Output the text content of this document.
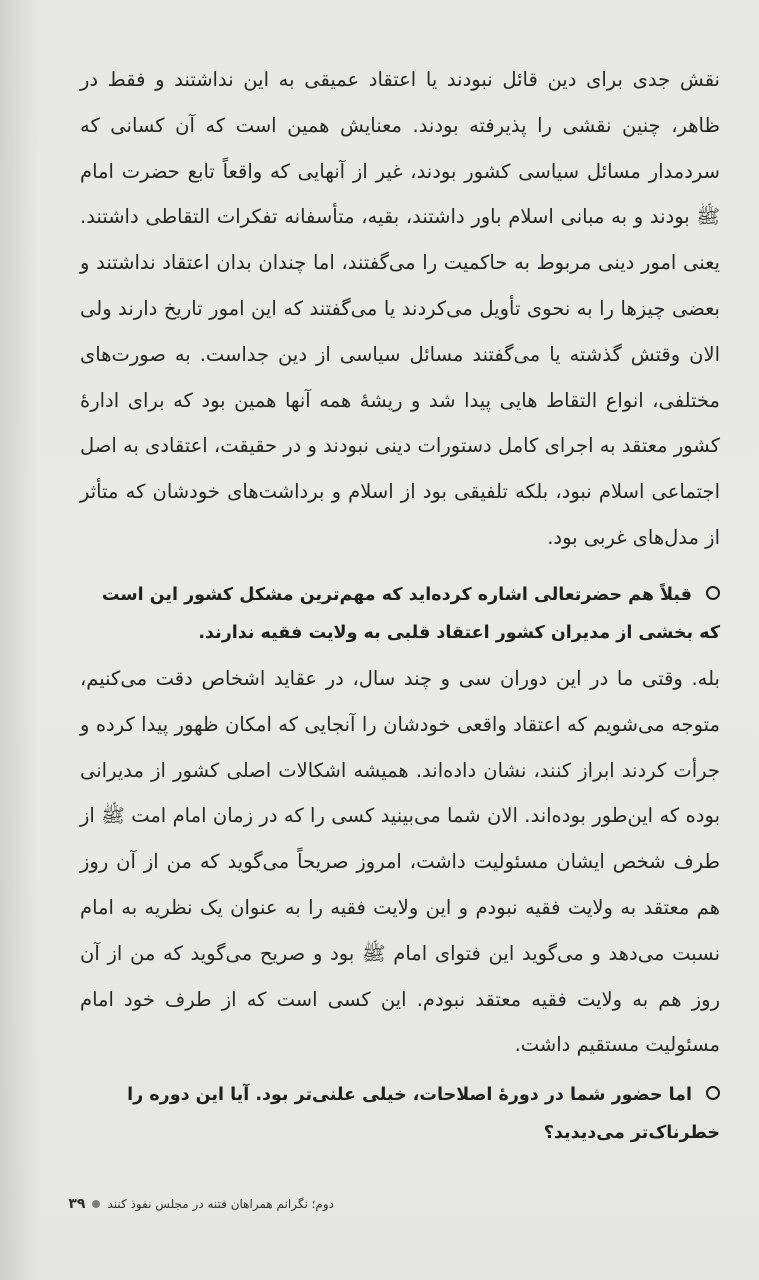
نقش جدی برای دین قائل نبودند یا اعتقاد عمیقی به این نداشتند و فقط در ظاهر، چنین نقشی را پذیرفته بودند. معنایش همین است که آن کسانی که سردمدار مسائل سیاسی کشور بودند، غیر از آنهایی که واقعاً تابع حضرت امام ﷺ بودند و به مبانی اسلام باور داشتند، بقیه، متأسفانه تفکرات التقاطی داشتند. یعنی امور دینی مربوط به حاکمیت را می‌گفتند، اما چندان بدان اعتقاد نداشتند و بعضی چیزها را به نحوی تأویل می‌کردند یا می‌گفتند که این امور تاریخ دارند ولی الان وقتش گذشته یا می‌گفتند مسائل سیاسی از دین جداست. به صورت‌های مختلفی، انواع التقاط هایی پیدا شد و ریشهٔ همه آنها همین بود که برای ادارهٔ کشور معتقد به اجرای کامل دستورات دینی نبودند و در حقیقت، اعتقادی به اصل اجتماعی اسلام نبود، بلکه تلفیقی بود از اسلام و برداشت‌های خودشان که متأثر از مدل‌های غربی بود.

قبلاً هم حضرتعالی اشاره کرده‌اید که مهم‌ترین مشکل کشور این است که بخشی از مدیران کشور اعتقاد قلبی به ولایت فقیه ندارند.

بله. وقتی ما در این دوران سی و چند سال، در عقاید اشخاص دقت می‌کنیم، متوجه می‌شویم که اعتقاد واقعی خودشان را آنجایی که امکان ظهور پیدا کرده و جرأت کردند ابراز کنند، نشان داده‌اند. همیشه اشکالات اصلی کشور از مدیرانی بوده که این‌طور بوده‌اند. الان شما می‌بینید کسی را که در زمان امام امت ﷺ از طرف شخص ایشان مسئولیت داشت، امروز صریحاً می‌گوید که من از آن روز هم معتقد به ولایت فقیه نبودم و این ولایت فقیه را به عنوان یک نظریه به امام نسبت می‌دهد و می‌گوید این فتوای امام ﷺ بود و صریح می‌گوید که من از آن روز هم به ولایت فقیه معتقد نبودم. این کسی است که از طرف خود امام مسئولیت مستقیم داشت.

اما حضور شما در دورهٔ اصلاحات، خیلی علنی‌تر بود. آیا این دوره را خطرناک‌تر می‌دیدید؟
دوم؛ نگرانم همراهان فتنه در مجلس نفوذ کنند
۳۹
